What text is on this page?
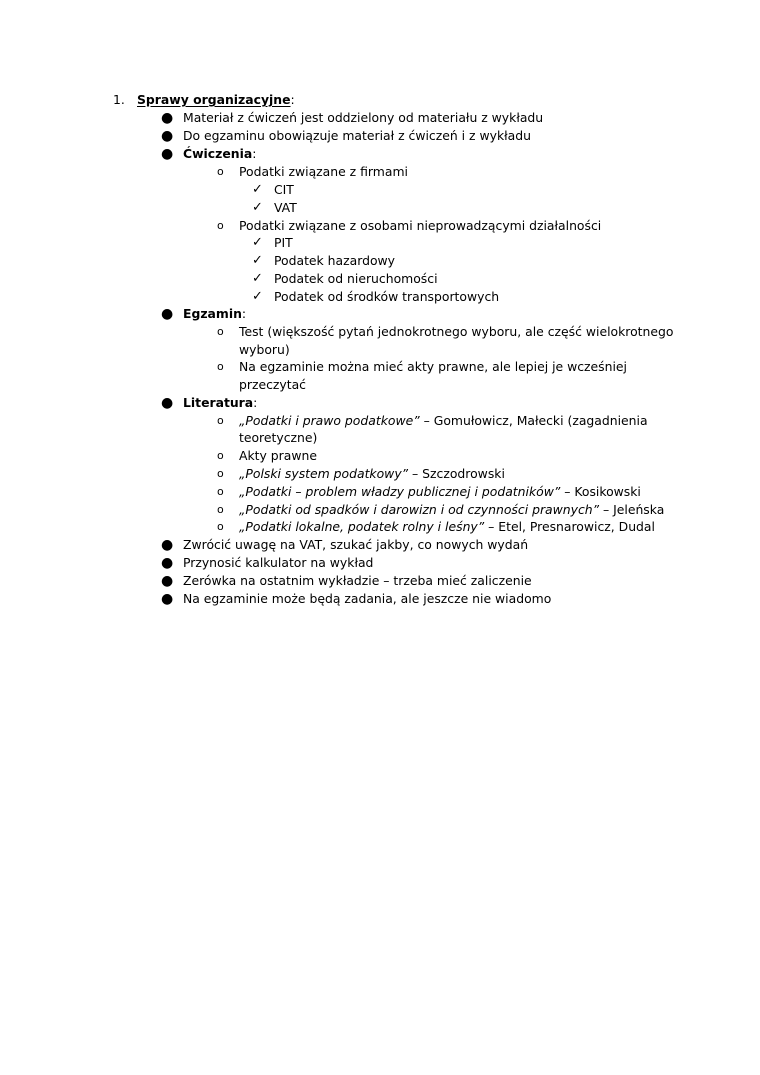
1. Sprawy organizacyjne:
● Materiał z ćwiczeń jest oddzielony od materiału z wykładu
● Do egzaminu obowiązuje materiał z ćwiczeń i z wykładu
● Ćwiczenia:
o Podatki związane z firmami
✓ CIT
✓ VAT
o Podatki związane z osobami nieprowadzącymi działalności
✓ PIT
✓ Podatek hazardowy
✓ Podatek od nieruchomości
✓ Podatek od środków transportowych
● Egzamin:
o Test (większość pytań jednokrotnego wyboru, ale część wielokrotnego
wyboru)
o Na egzaminie można mieć akty prawne, ale lepiej je wcześniej
przeczytać
● Literatura:
o „Podatki i prawo podatkowe” – Gomułowicz, Małecki (zagadnienia
teoretyczne)
o Akty prawne
o „Polski system podatkowy” – Szczodrowski
o „Podatki – problem władzy publicznej i podatników” – Kosikowski
o „Podatki od spadków i darowizn i od czynności prawnych” – Jeleńska
o „Podatki lokalne, podatek rolny i leśny” – Etel, Presnarowicz, Dudal
● Zwrócić uwagę na VAT, szukać jakby, co nowych wydań
● Przynosić kalkulator na wykład
● Zerówka na ostatnim wykładzie – trzeba mieć zaliczenie
● Na egzaminie może będą zadania, ale jeszcze nie wiadomo
